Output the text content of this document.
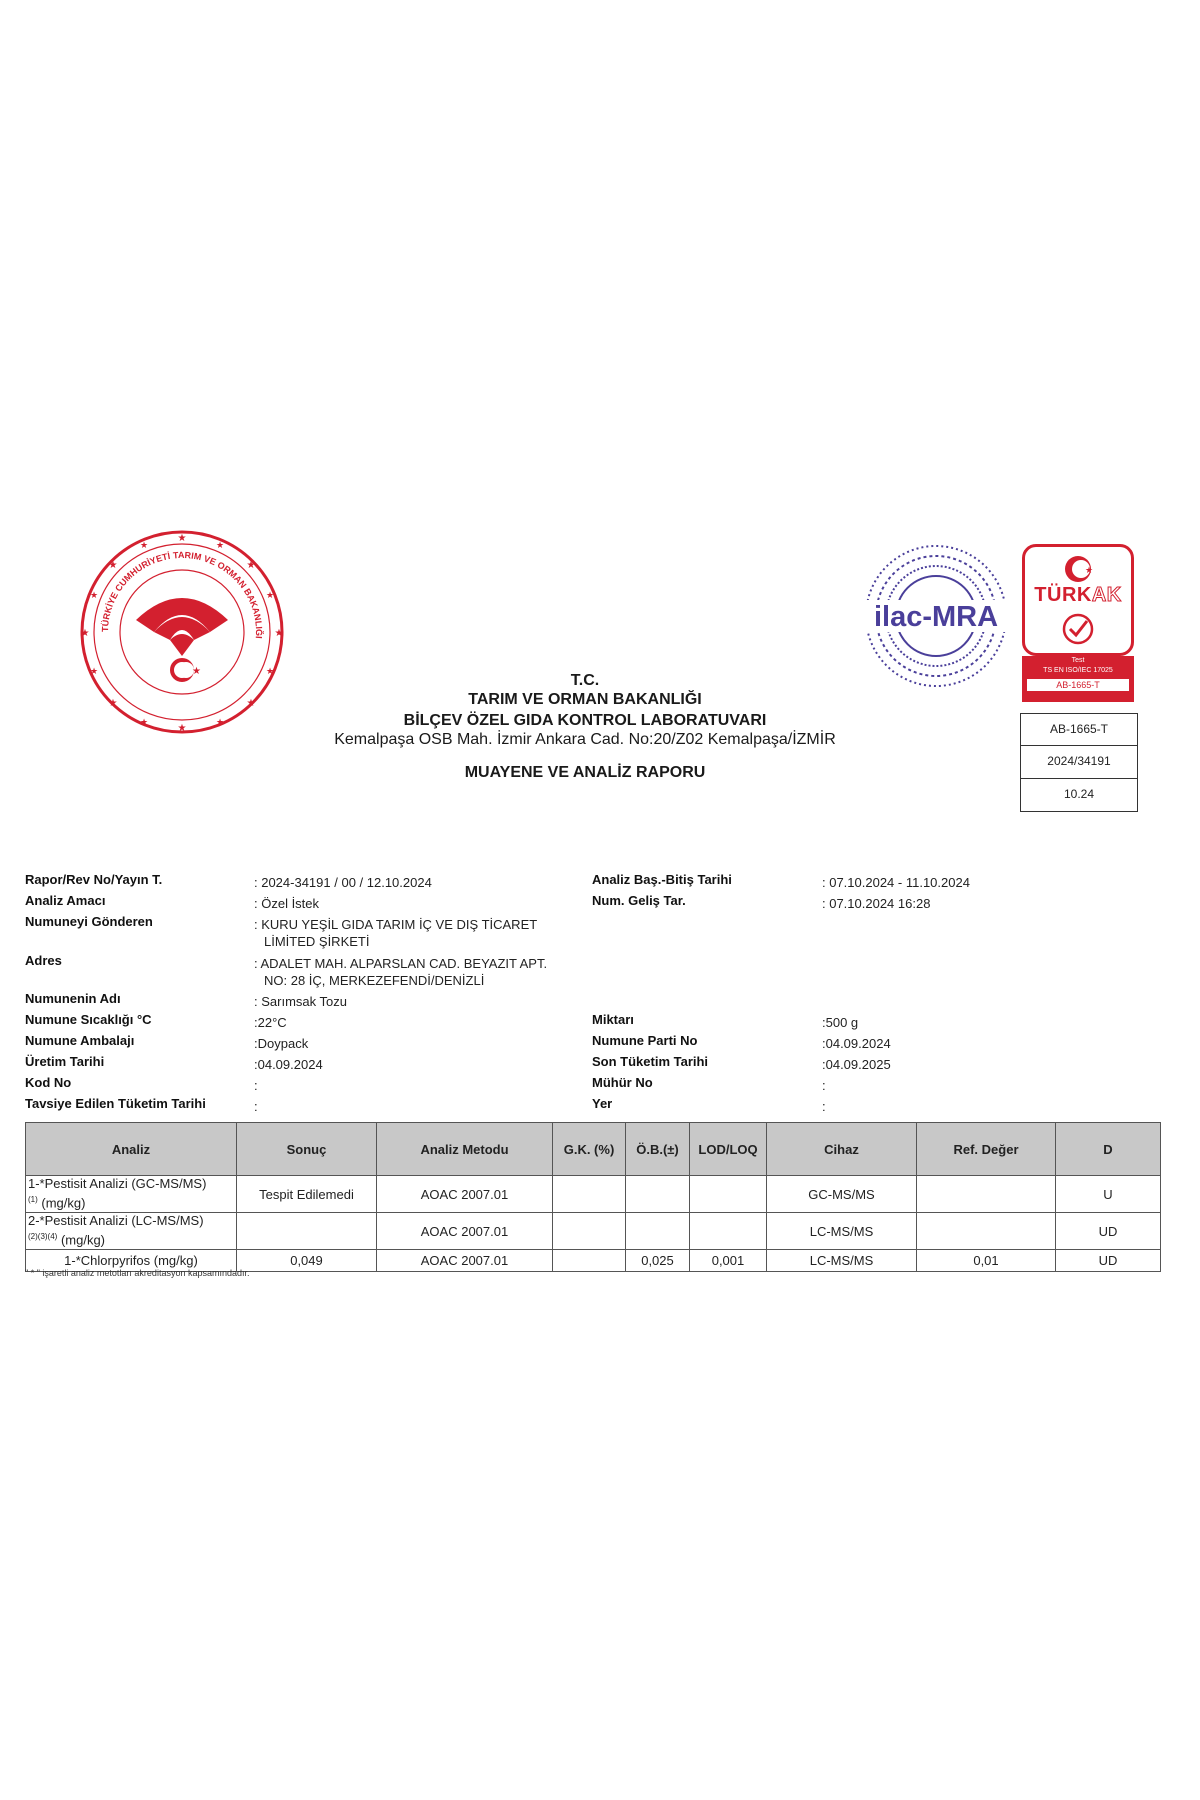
★
★
★	★
★	★
★	★
★	★
★	★
★	★
★	★
TÜRKİYE CUMHURİYETİ TARIM VE ORMAN BAKANLIĞI
★
ilac-MRA
★
TÜRKAK
Test
TS EN ISO/IEC 17025
AB-1665-T
AB-1665-T
2024/34191
10.24
T.C.
TARIM VE ORMAN BAKANLIĞI
BİLÇEV ÖZEL GIDA KONTROL LABORATUVARI
Kemalpaşa OSB Mah. İzmir Ankara Cad. No:20/Z02 Kemalpaşa/İZMİR
MUAYENE VE ANALİZ RAPORU
Rapor/Rev No/Yayın T.	: 2024-34191 / 00 / 12.10.2024
Analiz Amacı	: Özel İstek
Numuneyi Gönderen	: KURU YEŞİL GIDA TARIM İÇ VE DIŞ TİCARET
LİMİTED ŞİRKETİ
Adres	: ADALET MAH. ALPARSLAN CAD. BEYAZIT APT.
NO: 28 İÇ, MERKEZEFENDİ/DENİZLİ
Numunenin Adı	: Sarımsak Tozu
Numune Sıcaklığı °C	:22°C
Numune Ambalajı	:Doypack
Üretim Tarihi	:04.09.2024
Kod No	:
Tavsiye Edilen Tüketim Tarihi	:
Analiz Baş.-Bitiş Tarihi	: 07.10.2024 - 11.10.2024
Num. Geliş Tar.	: 07.10.2024 16:28
Miktarı	:500 g
Numune Parti No	:04.09.2024
Son Tüketim Tarihi	:04.09.2025
Mühür No	:
Yer	:
Analiz	Sonuç	Analiz Metodu	G.K. (%)	Ö.B.(±)	LOD/LOQ	Cihaz	Ref. Değer	D
1-*Pestisit Analizi (GC-MS/MS)
$^{(1)}$ (mg/kg)	Tespit Edilemedi	AOAC 2007.01				GC-MS/MS		U
2-*Pestisit Analizi (LC-MS/MS)
$^{(2)(3)(4)}$ (mg/kg)		AOAC 2007.01				LC-MS/MS		UD
1-*Chlorpyrifos (mg/kg)	0,049	AOAC 2007.01		0,025	0,001	LC-MS/MS	0,01	UD
" * " işaretli analiz metotları akreditasyon kapsamındadır.
